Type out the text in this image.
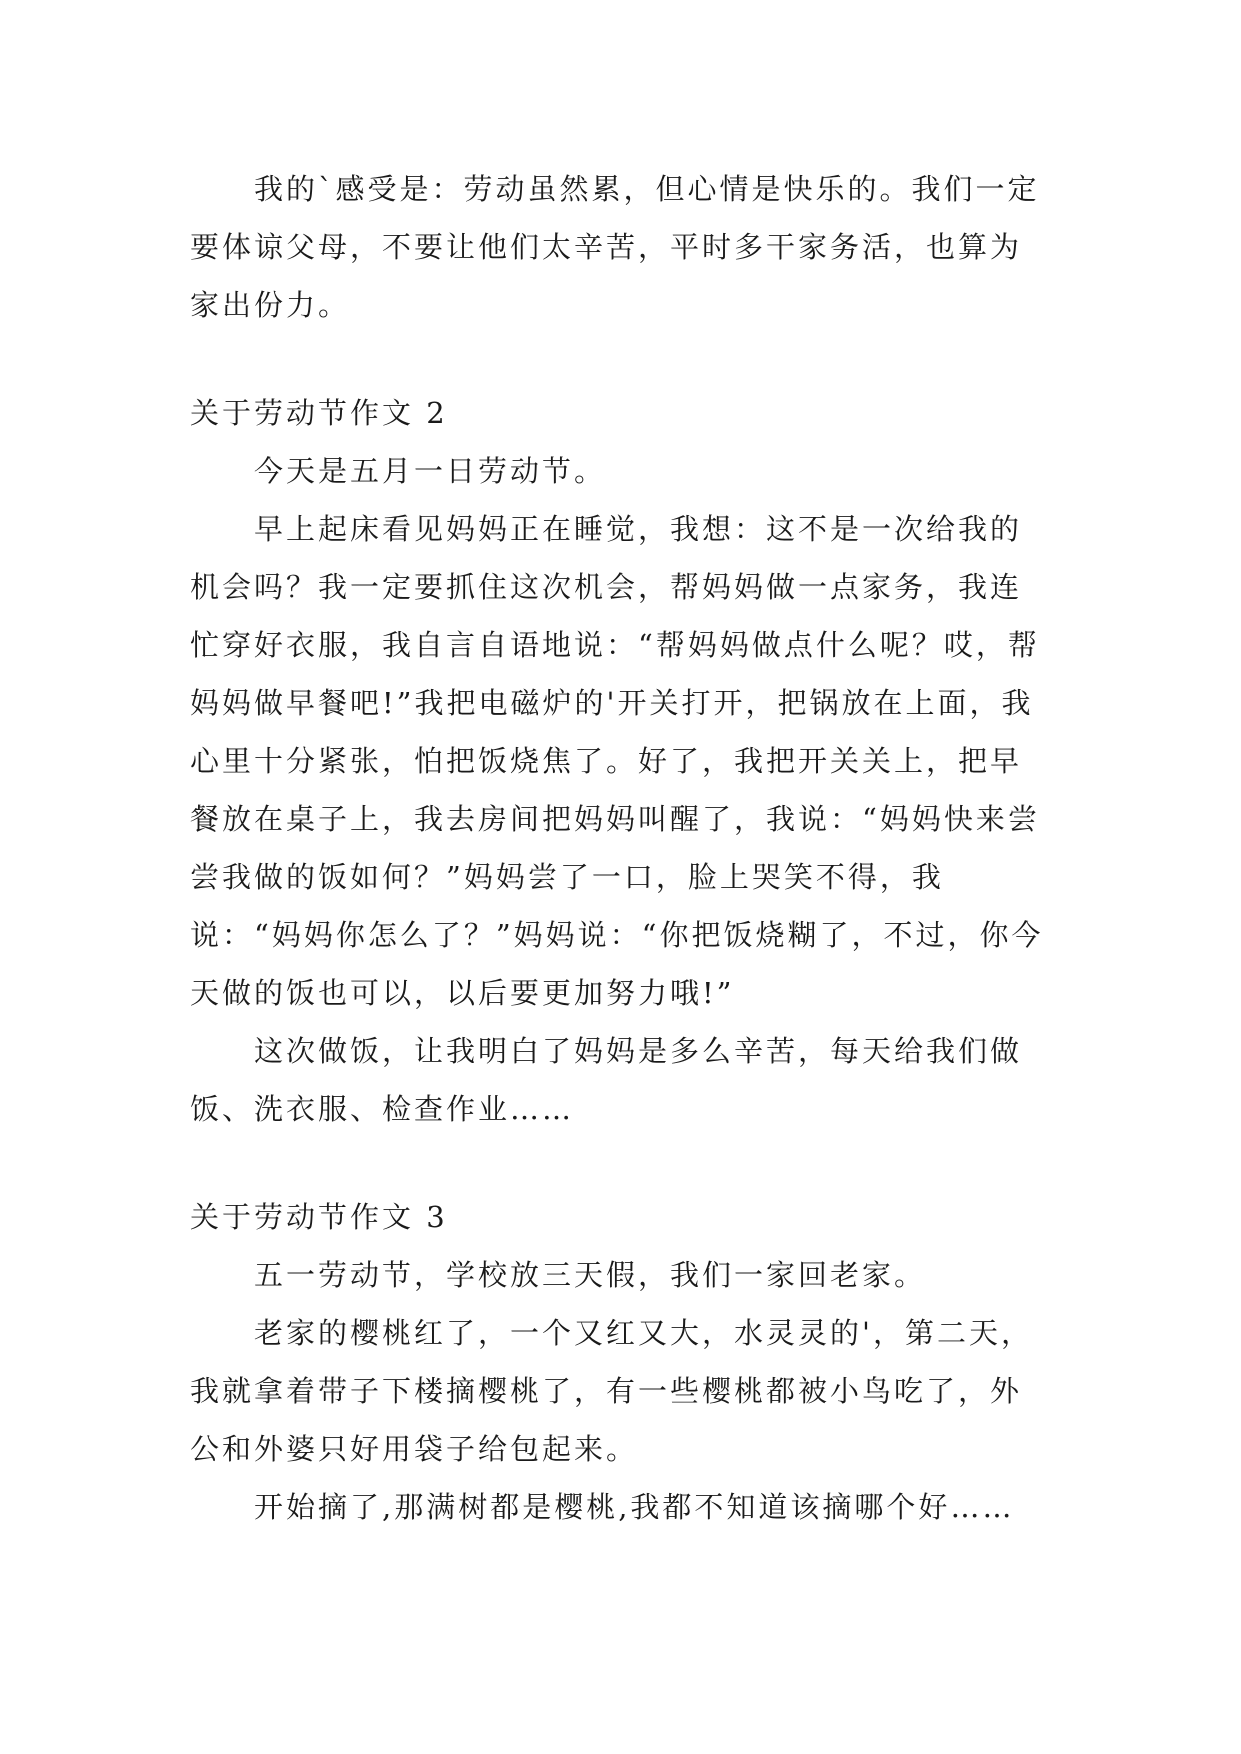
我的`感受是：劳动虽然累，但心情是快乐的。我们一定要体谅父母，不要让他们太辛苦，平时多干家务活，也算为家出份力。

关于劳动节作文 2

今天是五月一日劳动节。

早上起床看见妈妈正在睡觉，我想：这不是一次给我的机会吗？我一定要抓住这次机会，帮妈妈做一点家务，我连忙穿好衣服，我自言自语地说：“帮妈妈做点什么呢？哎，帮妈妈做早餐吧!”我把电磁炉的'开关打开，把锅放在上面，我心里十分紧张，怕把饭烧焦了。好了，我把开关关上，把早餐放在桌子上，我去房间把妈妈叫醒了，我说：“妈妈快来尝尝我做的饭如何？”妈妈尝了一口，脸上哭笑不得，我说：“妈妈你怎么了？”妈妈说：“你把饭烧糊了，不过，你今天做的饭也可以，以后要更加努力哦!”

这次做饭，让我明白了妈妈是多么辛苦，每天给我们做饭、洗衣服、检查作业……

关于劳动节作文 3

五一劳动节，学校放三天假，我们一家回老家。

老家的樱桃红了，一个又红又大，水灵灵的'，第二天，我就拿着带子下楼摘樱桃了，有一些樱桃都被小鸟吃了，外公和外婆只好用袋子给包起来。

开始摘了,那满树都是樱桃,我都不知道该摘哪个好……
